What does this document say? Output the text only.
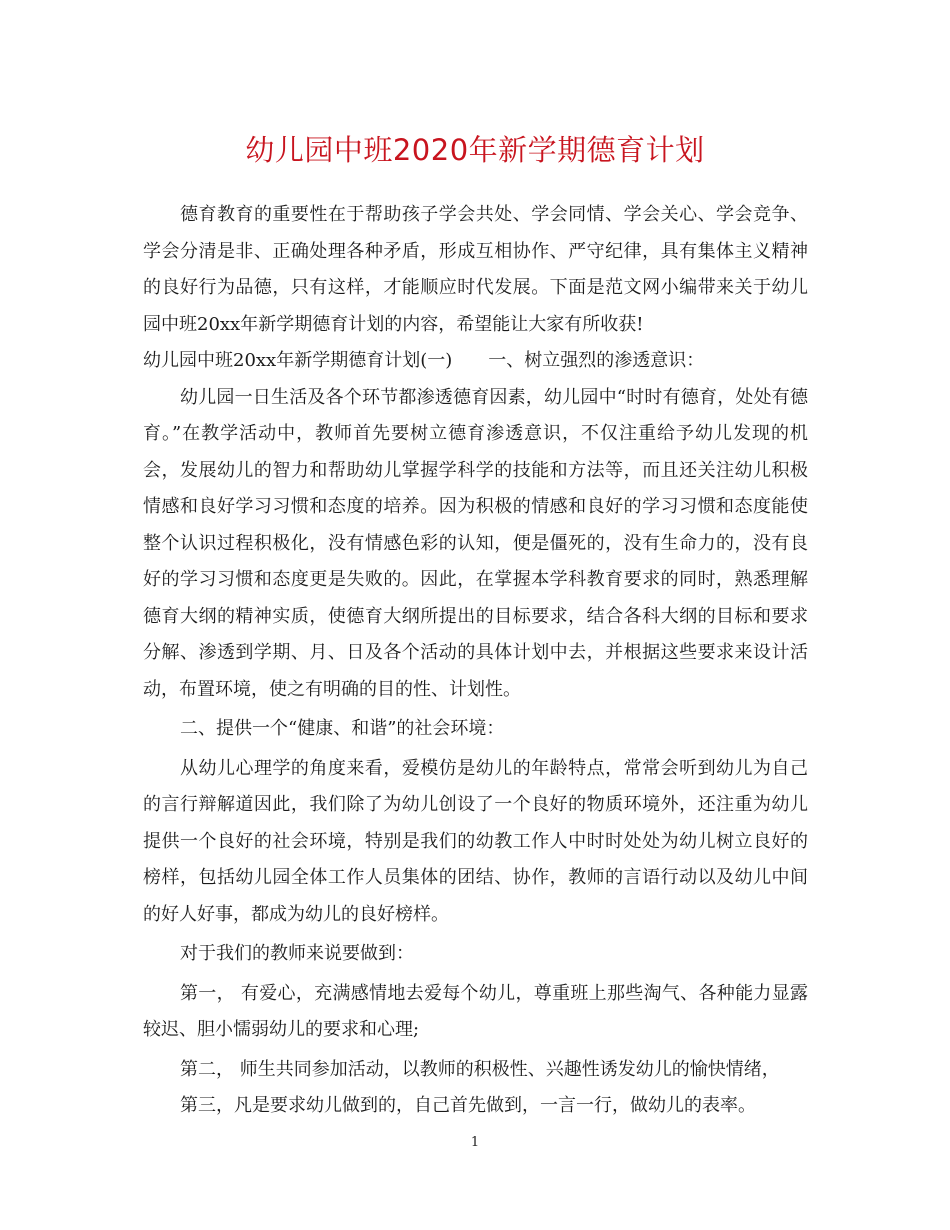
幼儿园中班2020年新学期德育计划

德育教育的重要性在于帮助孩子学会共处、学会同情、学会关心、学会竞争、学会分清是非、正确处理各种矛盾，形成互相协作、严守纪律，具有集体主义精神的良好行为品德，只有这样，才能顺应时代发展。下面是范文网小编带来关于幼儿园中班20xx年新学期德育计划的内容，希望能让大家有所收获!

幼儿园中班20xx年新学期德育计划(一)　　一、树立强烈的渗透意识：

幼儿园一日生活及各个环节都渗透德育因素，幼儿园中“时时有德育，处处有德育。”在教学活动中，教师首先要树立德育渗透意识，不仅注重给予幼儿发现的机会，发展幼儿的智力和帮助幼儿掌握学科学的技能和方法等，而且还关注幼儿积极情感和良好学习习惯和态度的培养。因为积极的情感和良好的学习习惯和态度能使整个认识过程积极化，没有情感色彩的认知，便是僵死的，没有生命力的，没有良好的学习习惯和态度更是失败的。因此，在掌握本学科教育要求的同时，熟悉理解德育大纲的精神实质，使德育大纲所提出的目标要求，结合各科大纲的目标和要求分解、渗透到学期、月、日及各个活动的具体计划中去，并根据这些要求来设计活动，布置环境，使之有明确的目的性、计划性。

二、提供一个“健康、和谐”的社会环境：

从幼儿心理学的角度来看，爱模仿是幼儿的年龄特点，常常会听到幼儿为自己的言行辩解道因此，我们除了为幼儿创设了一个良好的物质环境外，还注重为幼儿提供一个良好的社会环境，特别是我们的幼教工作人中时时处处为幼儿树立良好的榜样，包括幼儿园全体工作人员集体的团结、协作，教师的言语行动以及幼儿中间的好人好事，都成为幼儿的良好榜样。

对于我们的教师来说要做到：

第一， 有爱心，充满感情地去爱每个幼儿，尊重班上那些淘气、各种能力显露较迟、胆小懦弱幼儿的要求和心理;

第二， 师生共同参加活动，以教师的积极性、兴趣性诱发幼儿的愉快情绪，

第三，凡是要求幼儿做到的，自己首先做到，一言一行，做幼儿的表率。

1
